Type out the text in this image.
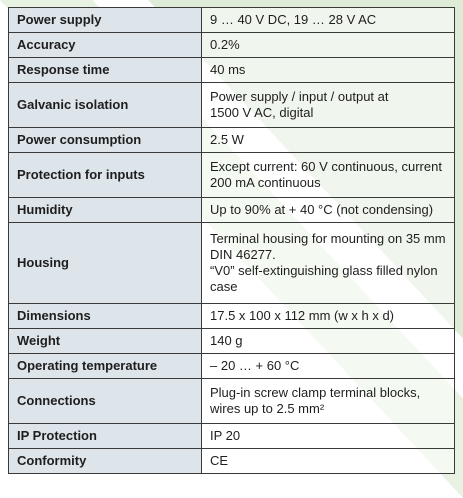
Power supply	9 … 40 V DC, 19 … 28 V AC

Accuracy	0.2%

Response time	40 ms

Galvanic isolation	Power supply / input / output at
1500 V AC, digital

Power consumption	2.5 W

Protection for inputs	Except current: 60 V continuous, current
200 mA continuous

Humidity	Up to 90% at + 40 °C (not condensing)

Housing	Terminal housing for mounting on 35 mm
DIN 46277.
“V0” self-extinguishing glass filled nylon
case

Dimensions	17.5 x 100 x 112 mm (w x h x d)

Weight	140 g

Operating temperature	– 20 … + 60 °C

Connections	Plug-in screw clamp terminal blocks,
wires up to 2.5 mm²

IP Protection	IP 20

Conformity	CE
